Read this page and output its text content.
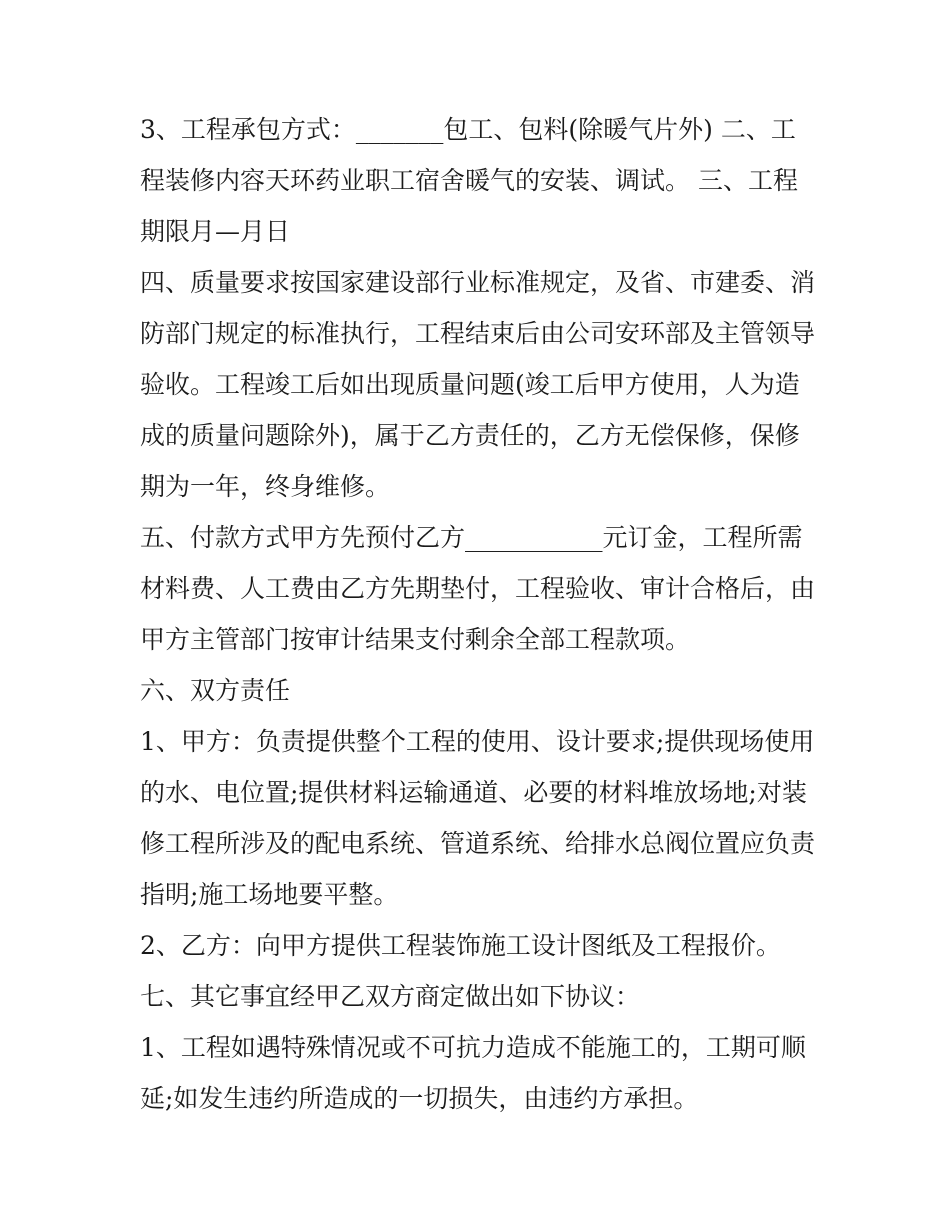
3、工程承包方式：_______包工、包料(除暖气片外) 二、工程装修内容天环药业职工宿舍暖气的安装、调试。 三、工程期限月—月日

四、质量要求按国家建设部行业标准规定，及省、市建委、消防部门规定的标准执行，工程结束后由公司安环部及主管领导验收。工程竣工后如出现质量问题(竣工后甲方使用，人为造成的质量问题除外)，属于乙方责任的，乙方无偿保修，保修期为一年，终身维修。

五、付款方式甲方先预付乙方___________元订金，工程所需材料费、人工费由乙方先期垫付，工程验收、审计合格后，由甲方主管部门按审计结果支付剩余全部工程款项。

六、双方责任

1、甲方：负责提供整个工程的使用、设计要求;提供现场使用的水、电位置;提供材料运输通道、必要的材料堆放场地;对装修工程所涉及的配电系统、管道系统、给排水总阀位置应负责指明;施工场地要平整。

2、乙方：向甲方提供工程装饰施工设计图纸及工程报价。

七、其它事宜经甲乙双方商定做出如下协议：

1、工程如遇特殊情况或不可抗力造成不能施工的，工期可顺延;如发生违约所造成的一切损失，由违约方承担。
